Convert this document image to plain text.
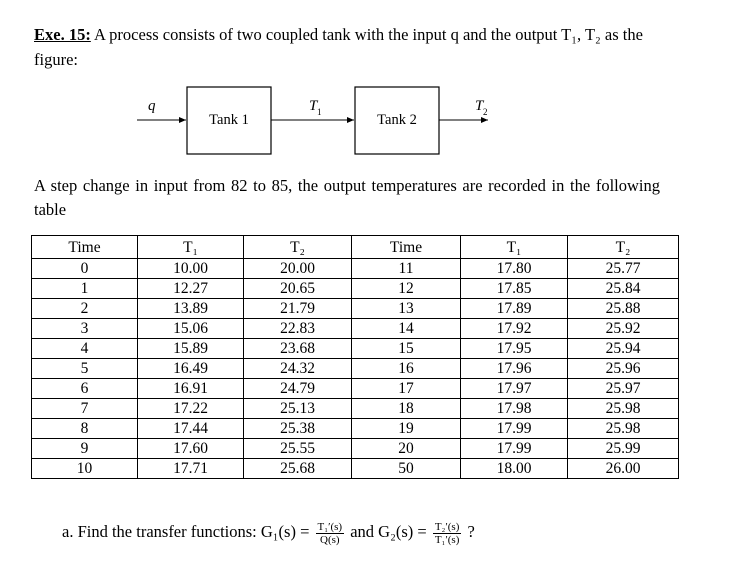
Exe. 15: A process consists of two coupled tank with the input q and the output T₁, T₂ as the figure:
q
Tank 1
T 1	Tank 2
T 2
A step change in input from 82 to 85, the output temperatures are recorded in the following table
Time	T₁	T₂	Time	T₁	T₂
0	10.00	20.00	11	17.80	25.77
1	12.27	20.65	12	17.85	25.84
2	13.89	21.79	13	17.89	25.88
3	15.06	22.83	14	17.92	25.92
4	15.89	23.68	15	17.95	25.94
5	16.49	24.32	16	17.96	25.96
6	16.91	24.79	17	17.97	25.97
7	17.22	25.13	18	17.98	25.98
8	17.44	25.38	19	17.99	25.98
9	17.60	25.55	20	17.99	25.99
10	17.71	25.68	50	18.00	26.00
a. Find the transfer functions: $G_1(s) = \frac{\text{T₁′(s)}}{Q(s)}$ and $G_2(s) = \frac{\text{T₂′(s)}}{\text{T₁′(s)}}$ ?
